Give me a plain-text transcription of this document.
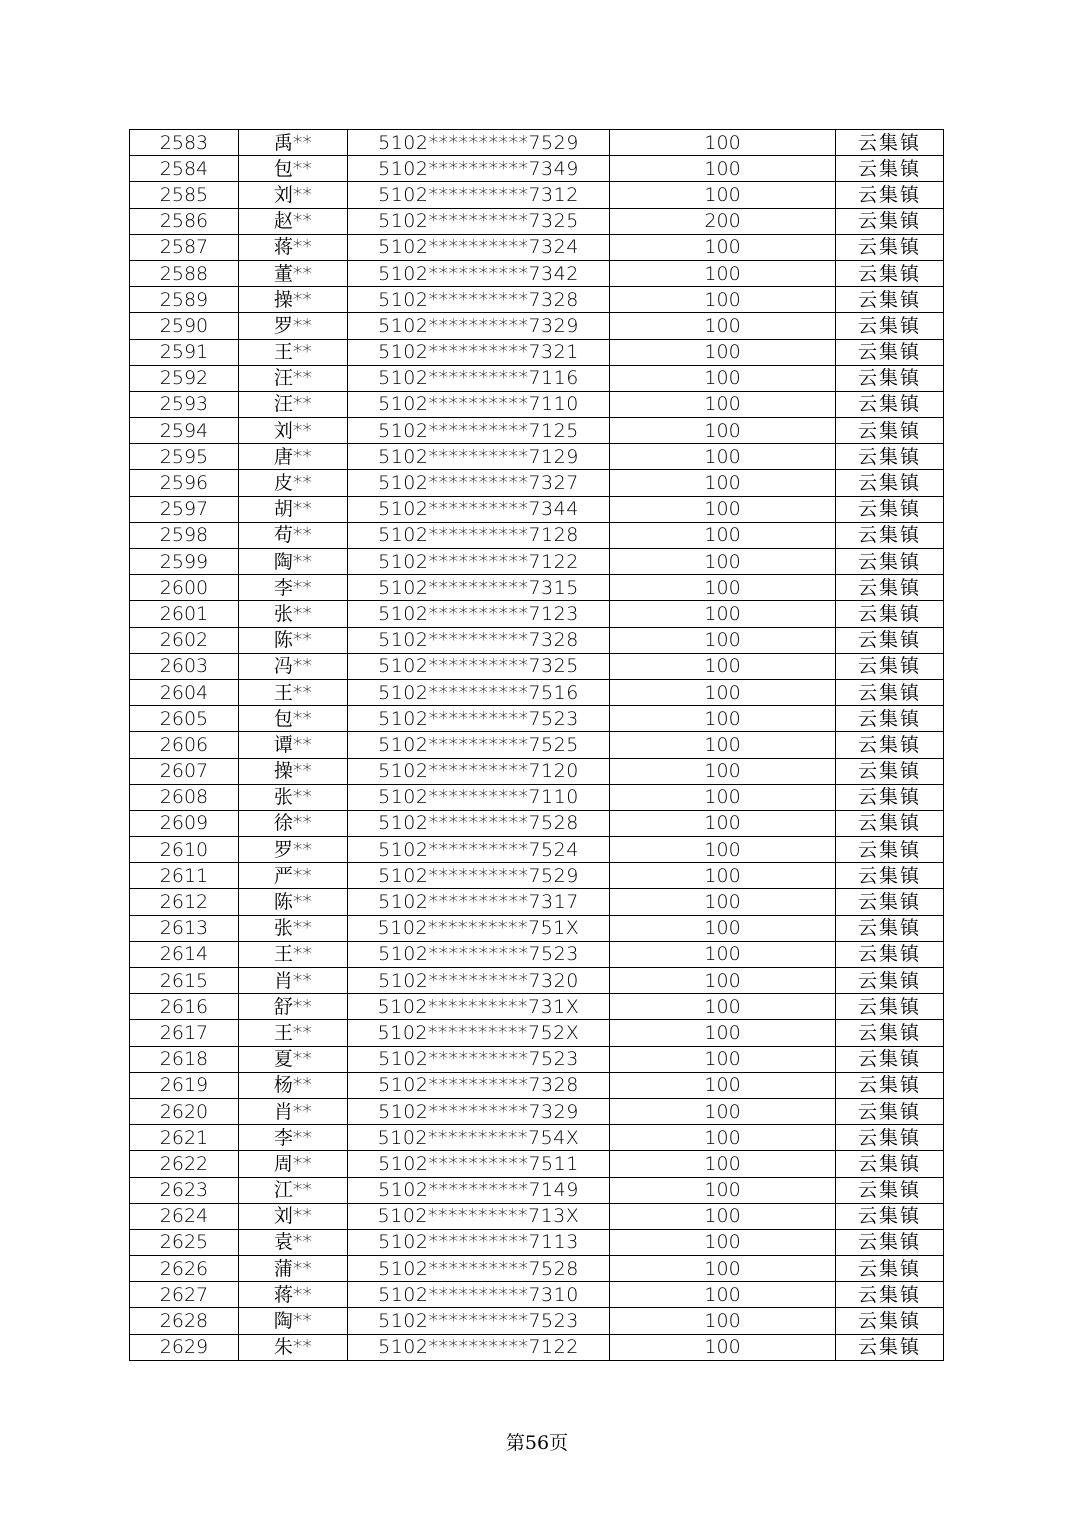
2583	禹**	5102**********7529	100	云集镇
2584	包**	5102**********7349	100	云集镇
2585	刘**	5102**********7312	100	云集镇
2586	赵**	5102**********7325	200	云集镇
2587	蒋**	5102**********7324	100	云集镇
2588	董**	5102**********7342	100	云集镇
2589	操**	5102**********7328	100	云集镇
2590	罗**	5102**********7329	100	云集镇
2591	王**	5102**********7321	100	云集镇
2592	汪**	5102**********7116	100	云集镇
2593	汪**	5102**********7110	100	云集镇
2594	刘**	5102**********7125	100	云集镇
2595	唐**	5102**********7129	100	云集镇
2596	皮**	5102**********7327	100	云集镇
2597	胡**	5102**********7344	100	云集镇
2598	苟**	5102**********7128	100	云集镇
2599	陶**	5102**********7122	100	云集镇
2600	李**	5102**********7315	100	云集镇
2601	张**	5102**********7123	100	云集镇
2602	陈**	5102**********7328	100	云集镇
2603	冯**	5102**********7325	100	云集镇
2604	王**	5102**********7516	100	云集镇
2605	包**	5102**********7523	100	云集镇
2606	谭**	5102**********7525	100	云集镇
2607	操**	5102**********7120	100	云集镇
2608	张**	5102**********7110	100	云集镇
2609	徐**	5102**********7528	100	云集镇
2610	罗**	5102**********7524	100	云集镇
2611	严**	5102**********7529	100	云集镇
2612	陈**	5102**********7317	100	云集镇
2613	张**	5102**********751X	100	云集镇
2614	王**	5102**********7523	100	云集镇
2615	肖**	5102**********7320	100	云集镇
2616	舒**	5102**********731X	100	云集镇
2617	王**	5102**********752X	100	云集镇
2618	夏**	5102**********7523	100	云集镇
2619	杨**	5102**********7328	100	云集镇
2620	肖**	5102**********7329	100	云集镇
2621	李**	5102**********754X	100	云集镇
2622	周**	5102**********7511	100	云集镇
2623	江**	5102**********7149	100	云集镇
2624	刘**	5102**********713X	100	云集镇
2625	袁**	5102**********7113	100	云集镇
2626	蒲**	5102**********7528	100	云集镇
2627	蒋**	5102**********7310	100	云集镇
2628	陶**	5102**********7523	100	云集镇
2629	朱**	5102**********7122	100	云集镇
第56页
